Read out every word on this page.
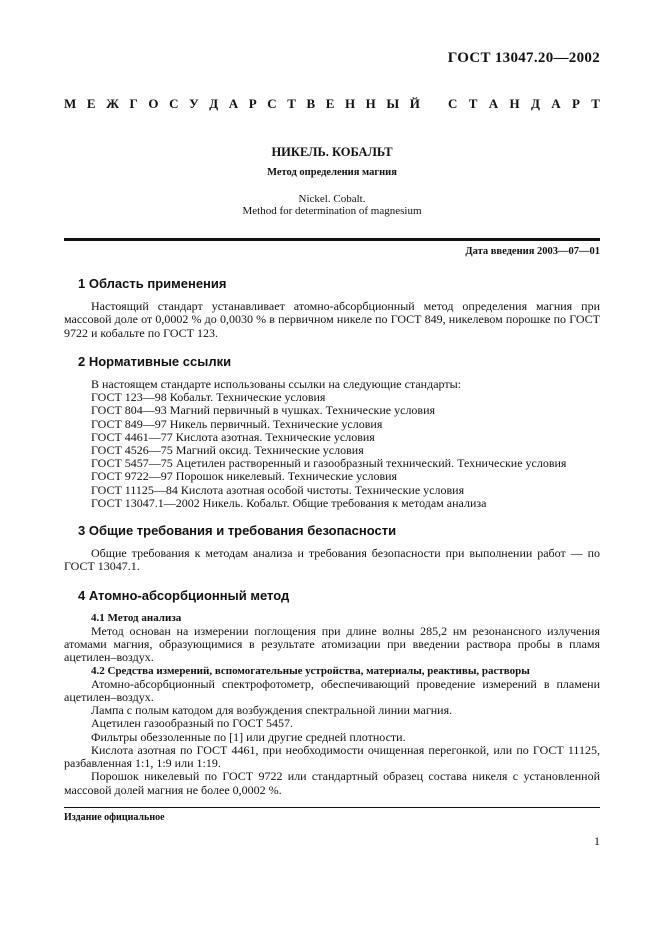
ГОСТ 13047.20—2002
М Е Ж Г О С У Д А Р С Т В Е Н Н Ы Й С Т А Н Д А Р Т
НИКЕЛЬ. КОБАЛЬТ
Метод определения магния
Nickel. Cobalt.
Method for determination of magnesium
Дата введения 2003—07—01
1 Область применения

Настоящий стандарт устанавливает атомно-абсорбционный метод определения магния при массовой доле от 0,0002 % до 0,0030 % в первичном никеле по ГОСТ 849, никелевом порошке по ГОСТ 9722 и кобальте по ГОСТ 123.

2 Нормативные ссылки

В настоящем стандарте использованы ссылки на следующие стандарты:

ГОСТ 123—98 Кобальт. Технические условия
ГОСТ 804—93 Магний первичный в чушках. Технические условия
ГОСТ 849—97 Никель первичный. Технические условия
ГОСТ 4461—77 Кислота азотная. Технические условия
ГОСТ 4526—75 Магний оксид. Технические условия
ГОСТ 5457—75 Ацетилен растворенный и газообразный технический. Технические условия
ГОСТ 9722—97 Порошок никелевый. Технические условия
ГОСТ 11125—84 Кислота азотная особой чистоты. Технические условия
ГОСТ 13047.1—2002 Никель. Кобальт. Общие требования к методам анализа
3 Общие требования и требования безопасности

Общие требования к методам анализа и требования безопасности при выполнении работ — по ГОСТ 13047.1.

4 Атомно-абсорбционный метод
4.1 Метод анализа

Метод основан на измерении поглощения при длине волны 285,2 нм резонансного излучения атомами магния, образующимися в результате атомизации при введении раствора пробы в пламя ацетилен–воздух.

4.2 Средства измерений, вспомогательные устройства, материалы, реактивы, растворы

Атомно-абсорбционный спектрофотометр, обеспечивающий проведение измерений в пламени ацетилен–воздух.

Лампа с полым катодом для возбуждения спектральной линии магния.

Ацетилен газообразный по ГОСТ 5457.

Фильтры обеззоленные по [1] или другие средней плотности.

Кислота азотная по ГОСТ 4461, при необходимости очищенная перегонкой, или по ГОСТ 11125, разбавленная 1:1, 1:9 или 1:19.

Порошок никелевый по ГОСТ 9722 или стандартный образец состава никеля с установленной массовой долей магния не более 0,0002 %.

Издание официальное
1
